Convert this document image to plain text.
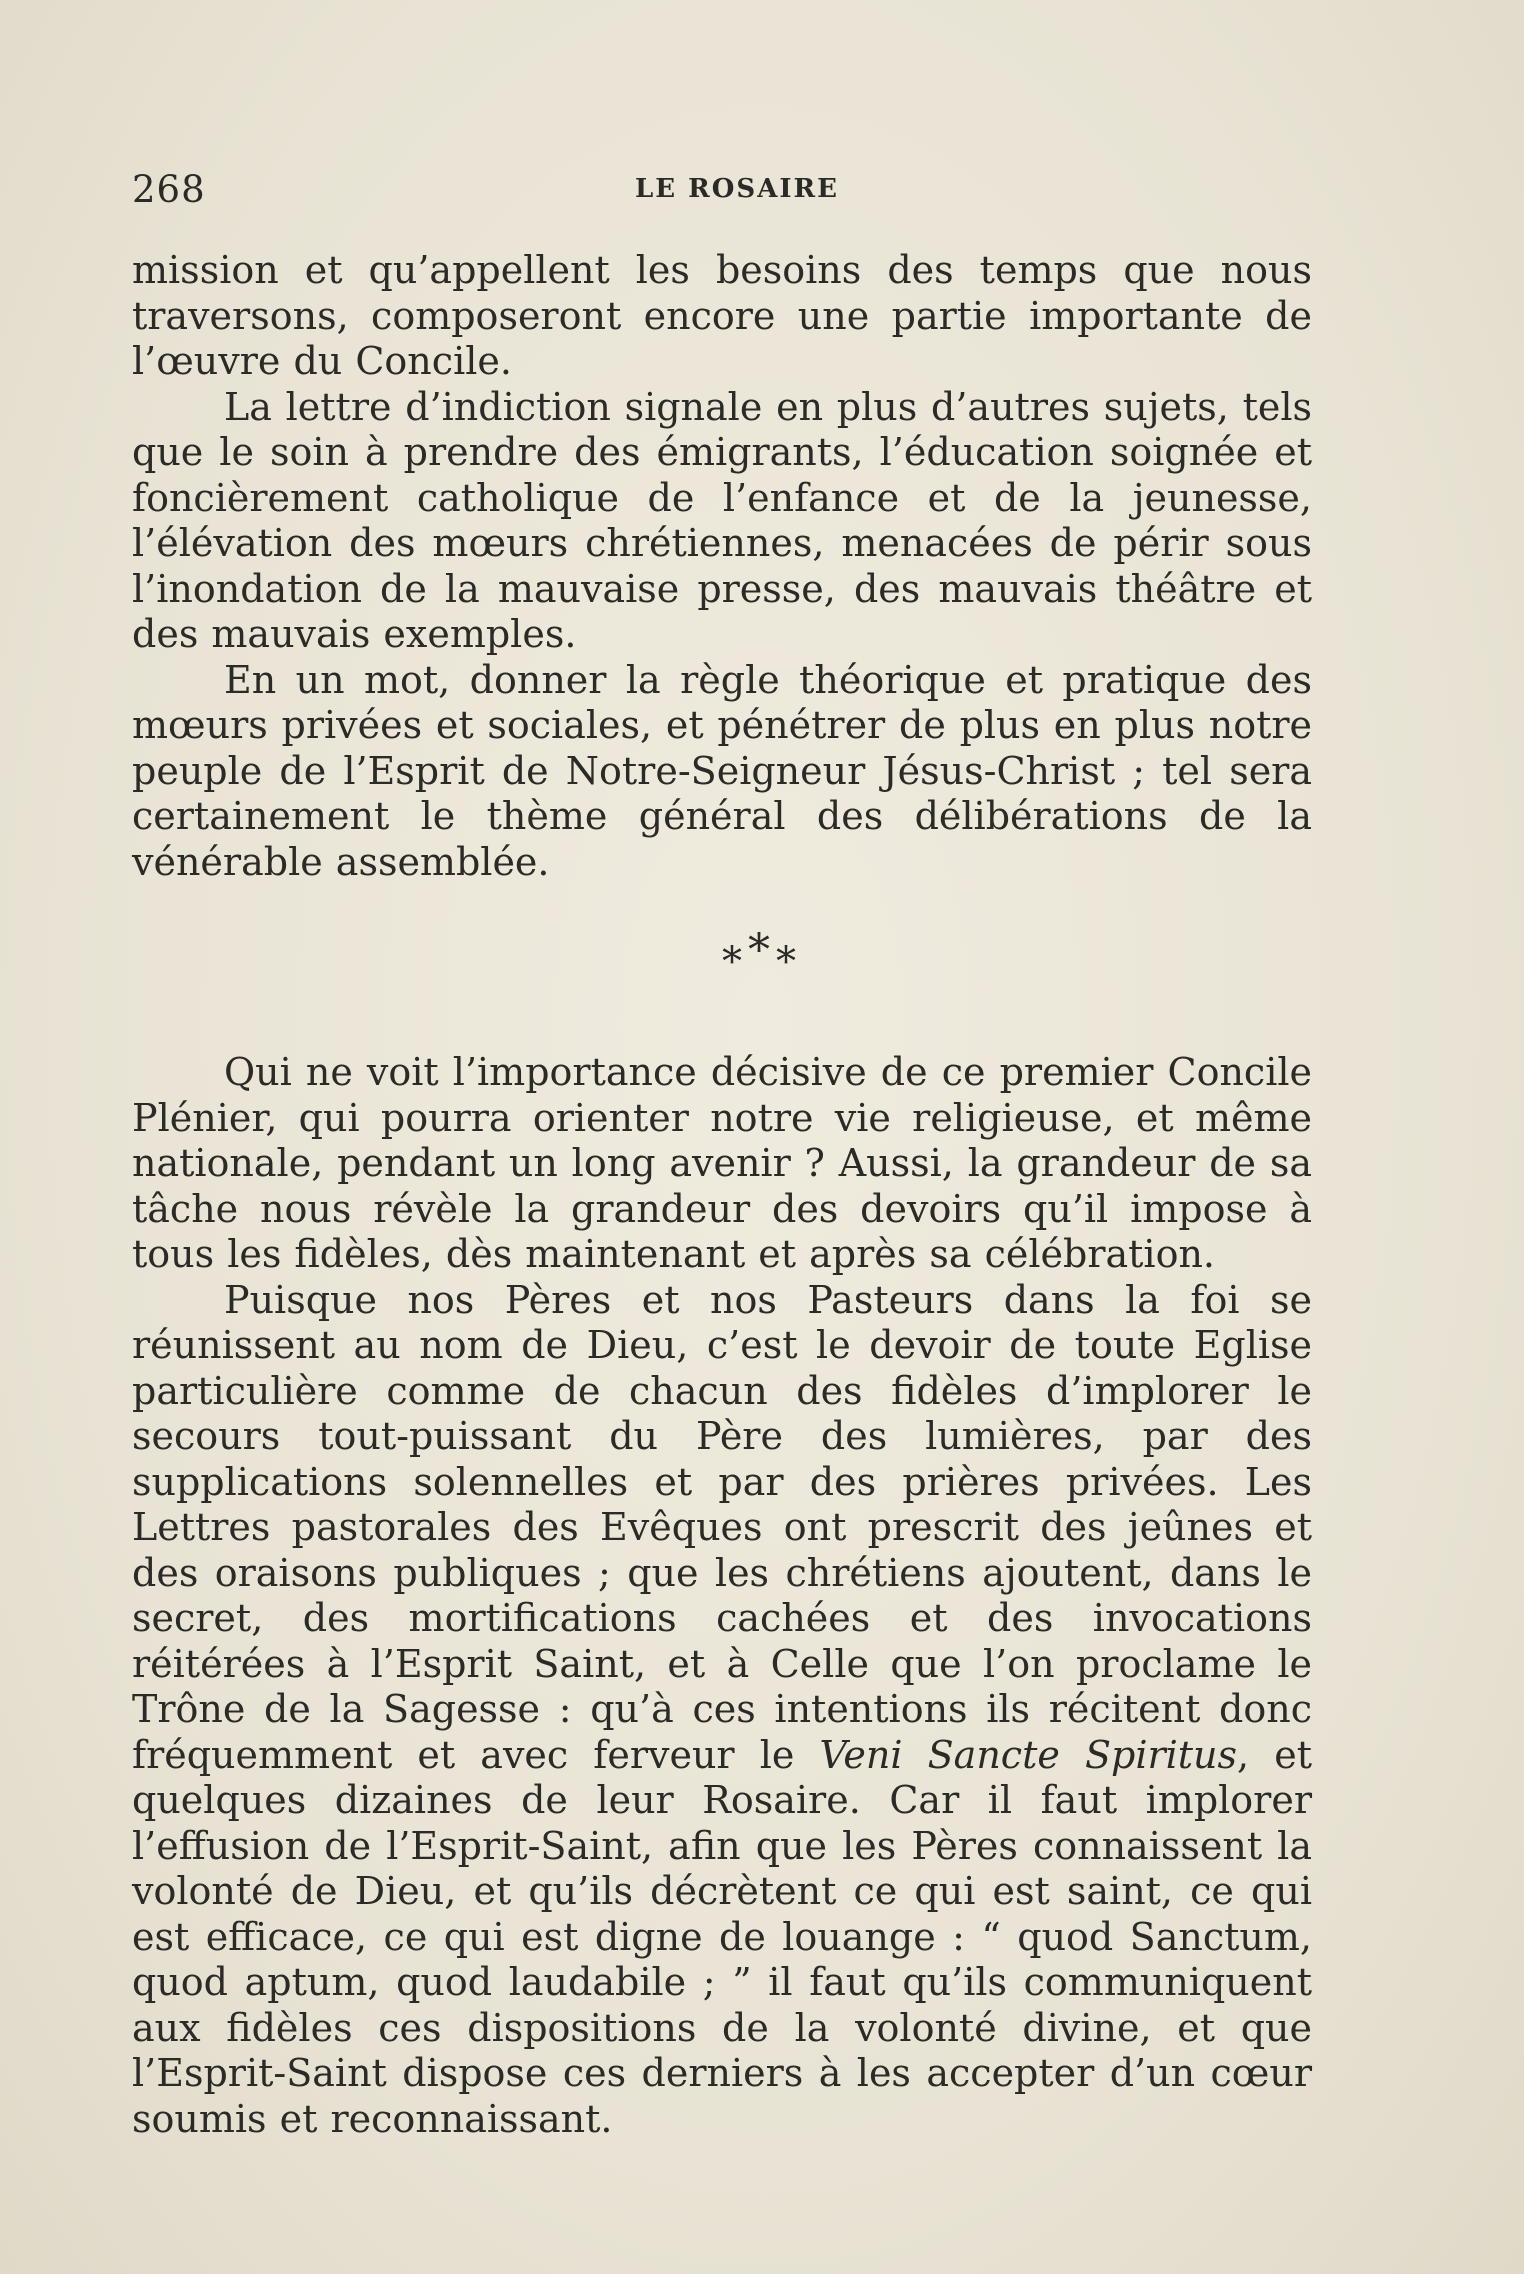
268	LE ROSAIRE

mission et qu’appellent les besoins des temps que nous traversons, composeront encore une partie importante de l’œuvre du Concile.

La lettre d’indiction signale en plus d’autres sujets, tels que le soin à prendre des émigrants, l’éducation soignée et foncièrement catholique de l’enfance et de la jeunesse, l’élévation des mœurs chrétiennes, menacées de périr sous l’inondation de la mauvaise presse, des mauvais théâtre et des mauvais exemples.

En un mot, donner la règle théorique et pratique des mœurs privées et sociales, et pénétrer de plus en plus notre peuple de l’Esprit de Notre-Seigneur Jésus-Christ ; tel sera certainement le thème général des délibérations de la vénérable assemblée.

***

Qui ne voit l’importance décisive de ce premier Concile Plénier, qui pourra orienter notre vie religieuse, et même nationale, pendant un long avenir ? Aussi, la grandeur de sa tâche nous révèle la grandeur des devoirs qu’il impose à tous les fidèles, dès maintenant et après sa célébration.

Puisque nos Pères et nos Pasteurs dans la foi se réunissent au nom de Dieu, c’est le devoir de toute Eglise particulière comme de chacun des fidèles d’implorer le secours tout-puissant du Père des lumières, par des supplications solennelles et par des prières privées. Les Lettres pastorales des Evêques ont prescrit des jeûnes et des oraisons publiques ; que les chrétiens ajoutent, dans le secret, des mortifications cachées et des invocations réitérées à l’Esprit Saint, et à Celle que l’on proclame le Trône de la Sagesse : qu’à ces intentions ils récitent donc fréquemment et avec ferveur le Veni Sancte Spiritus, et quelques dizaines de leur Rosaire. Car il faut implorer l’effusion de l’Esprit-Saint, afin que les Pères connaissent la volonté de Dieu, et qu’ils décrètent ce qui est saint, ce qui est efficace, ce qui est digne de louange : “ quod Sanctum, quod aptum, quod laudabile ; ” il faut qu’ils communiquent aux fidèles ces dispositions de la volonté divine, et que l’Esprit-Saint dispose ces derniers à les accepter d’un cœur soumis et reconnaissant.
